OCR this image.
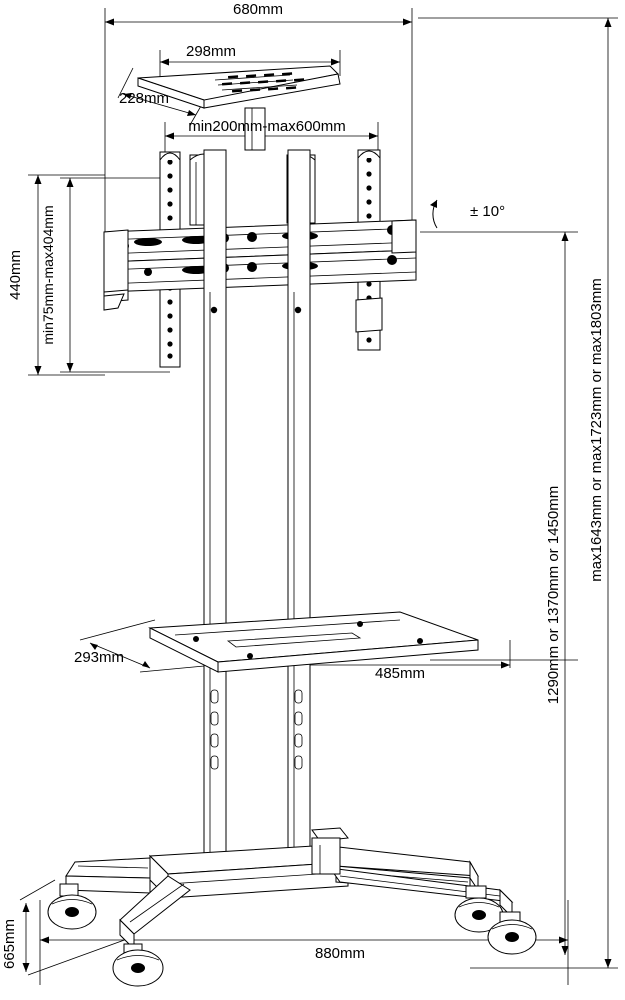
680mm
298mm
228mm
min200mm-max600mm
440mm min75mm-max404mm	± 10°
1290mm or 1370mm or 1450mm
max1643mm or max1723mm or max1803mm
293mm
485mm
665mm	880mm
